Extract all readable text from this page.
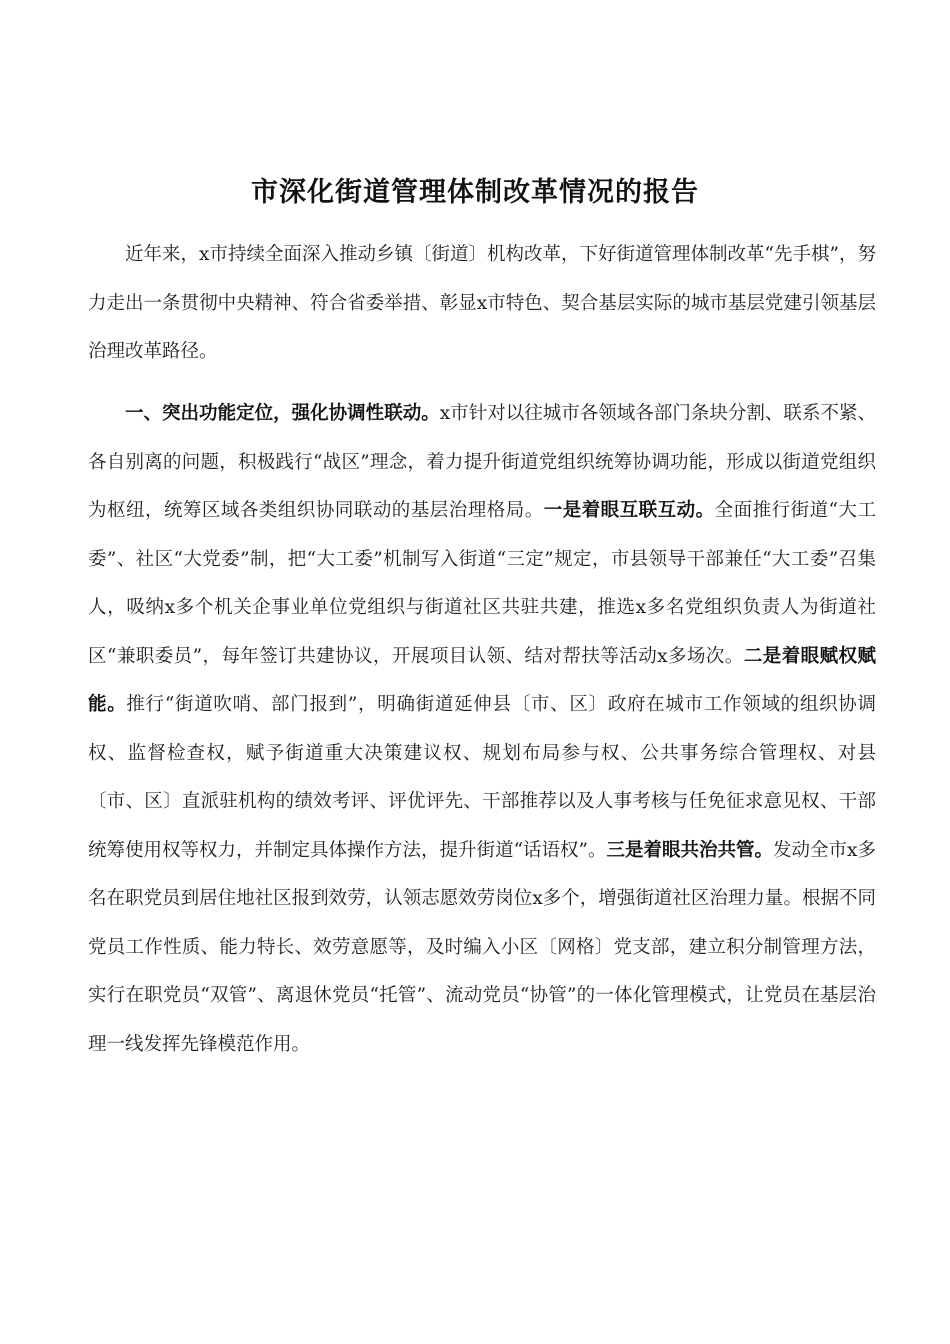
市深化街道管理体制改革情况的报告

近年来，x市持续全面深入推动乡镇〔街道〕机构改革，下好街道管理体制改革“先手棋”，努力走出一条贯彻中央精神、符合省委举措、彰显x市特色、契合基层实际的城市基层党建引领基层治理改革路径。

一、突出功能定位，强化协调性联动。x市针对以往城市各领域各部门条块分割、联系不紧、各自别离的问题，积极践行“战区”理念，着力提升街道党组织统筹协调功能，形成以街道党组织为枢纽，统筹区域各类组织协同联动的基层治理格局。一是着眼互联互动。全面推行街道“大工委”、社区“大党委”制，把“大工委”机制写入街道“三定”规定，市县领导干部兼任“大工委”召集人，吸纳x多个机关企事业单位党组织与街道社区共驻共建，推选x多名党组织负责人为街道社区“兼职委员”，每年签订共建协议，开展项目认领、结对帮扶等活动x多场次。二是着眼赋权赋能。推行“街道吹哨、部门报到”，明确街道延伸县〔市、区〕政府在城市工作领域的组织协调权、监督检查权，赋予街道重大决策建议权、规划布局参与权、公共事务综合管理权、对县〔市、区〕直派驻机构的绩效考评、评优评先、干部推荐以及人事考核与任免征求意见权、干部统筹使用权等权力，并制定具体操作方法，提升街道“话语权”。三是着眼共治共管。发动全市x多名在职党员到居住地社区报到效劳，认领志愿效劳岗位x多个，增强街道社区治理力量。根据不同党员工作性质、能力特长、效劳意愿等，及时编入小区〔网格〕党支部，建立积分制管理方法，实行在职党员“双管”、离退休党员“托管”、流动党员“协管”的一体化管理模式，让党员在基层治理一线发挥先锋模范作用。
